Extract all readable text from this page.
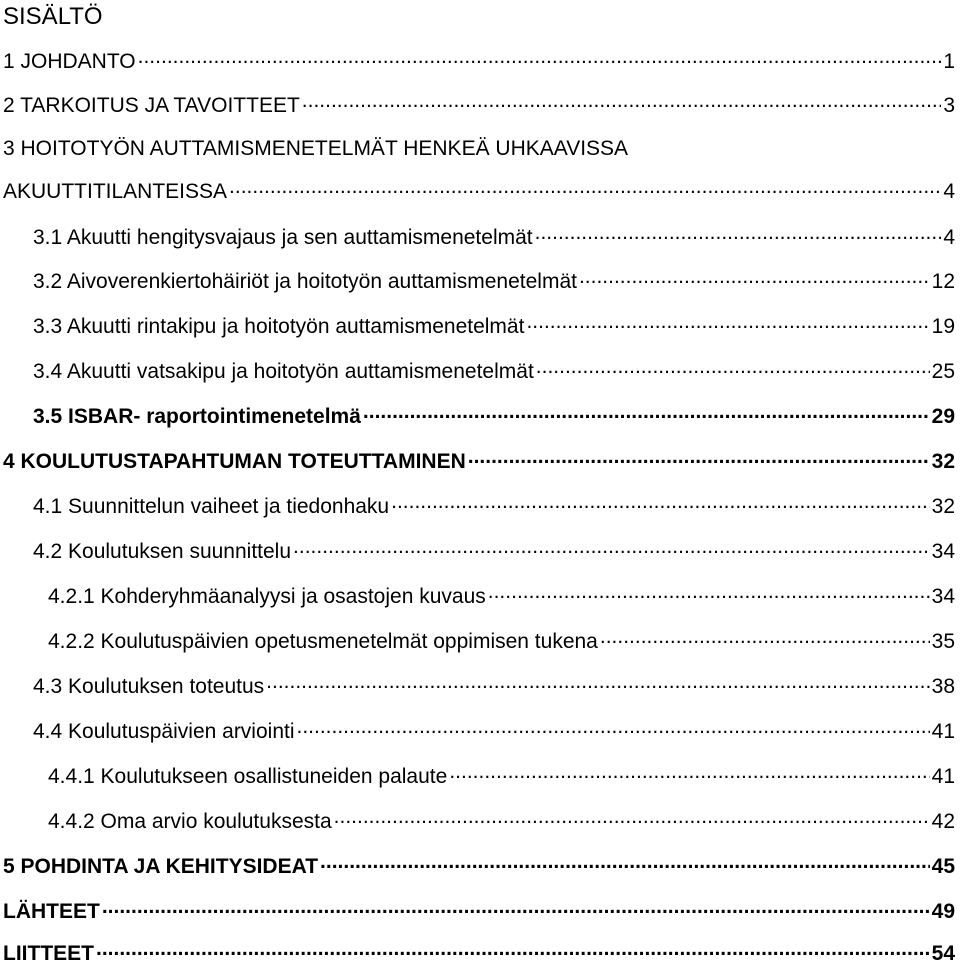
SISÄLTÖ
1 JOHDANTO .....	1
2 TARKOITUS JA TAVOITTEET .....	3
3 HOITOTYÖN AUTTAMISMENETELMÄT HENKEÄ UHKAAVISSA
AKUUTTITILANTEISSA .....	4
3.1 Akuutti hengitysvajaus ja sen auttamismenetelmät .....	4
3.2 Aivoverenkiertohäiriöt ja hoitotyön auttamismenetelmät .....	12
3.3 Akuutti rintakipu ja hoitotyön auttamismenetelmät .....	19
3.4 Akuutti vatsakipu ja hoitotyön auttamismenetelmät .....	25
3.5 ISBAR- raportointimenetelmä .....	29
4 KOULUTUSTAPAHTUMAN TOTEUTTAMINEN .....	32
4.1 Suunnittelun vaiheet ja tiedonhaku .....	32
4.2 Koulutuksen suunnittelu .....	34
4.2.1 Kohderyhmäanalyysi ja osastojen kuvaus .....	34
4.2.2 Koulutuspäivien opetusmenetelmät oppimisen tukena .....	35
4.3 Koulutuksen toteutus .....	38
4.4 Koulutuspäivien arviointi .....	41
4.4.1 Koulutukseen osallistuneiden palaute .....	41
4.4.2 Oma arvio koulutuksesta .....	42
5 POHDINTA JA KEHITYSIDEAT .....	45
LÄHTEET .....	49
LIITTEET .....	54
